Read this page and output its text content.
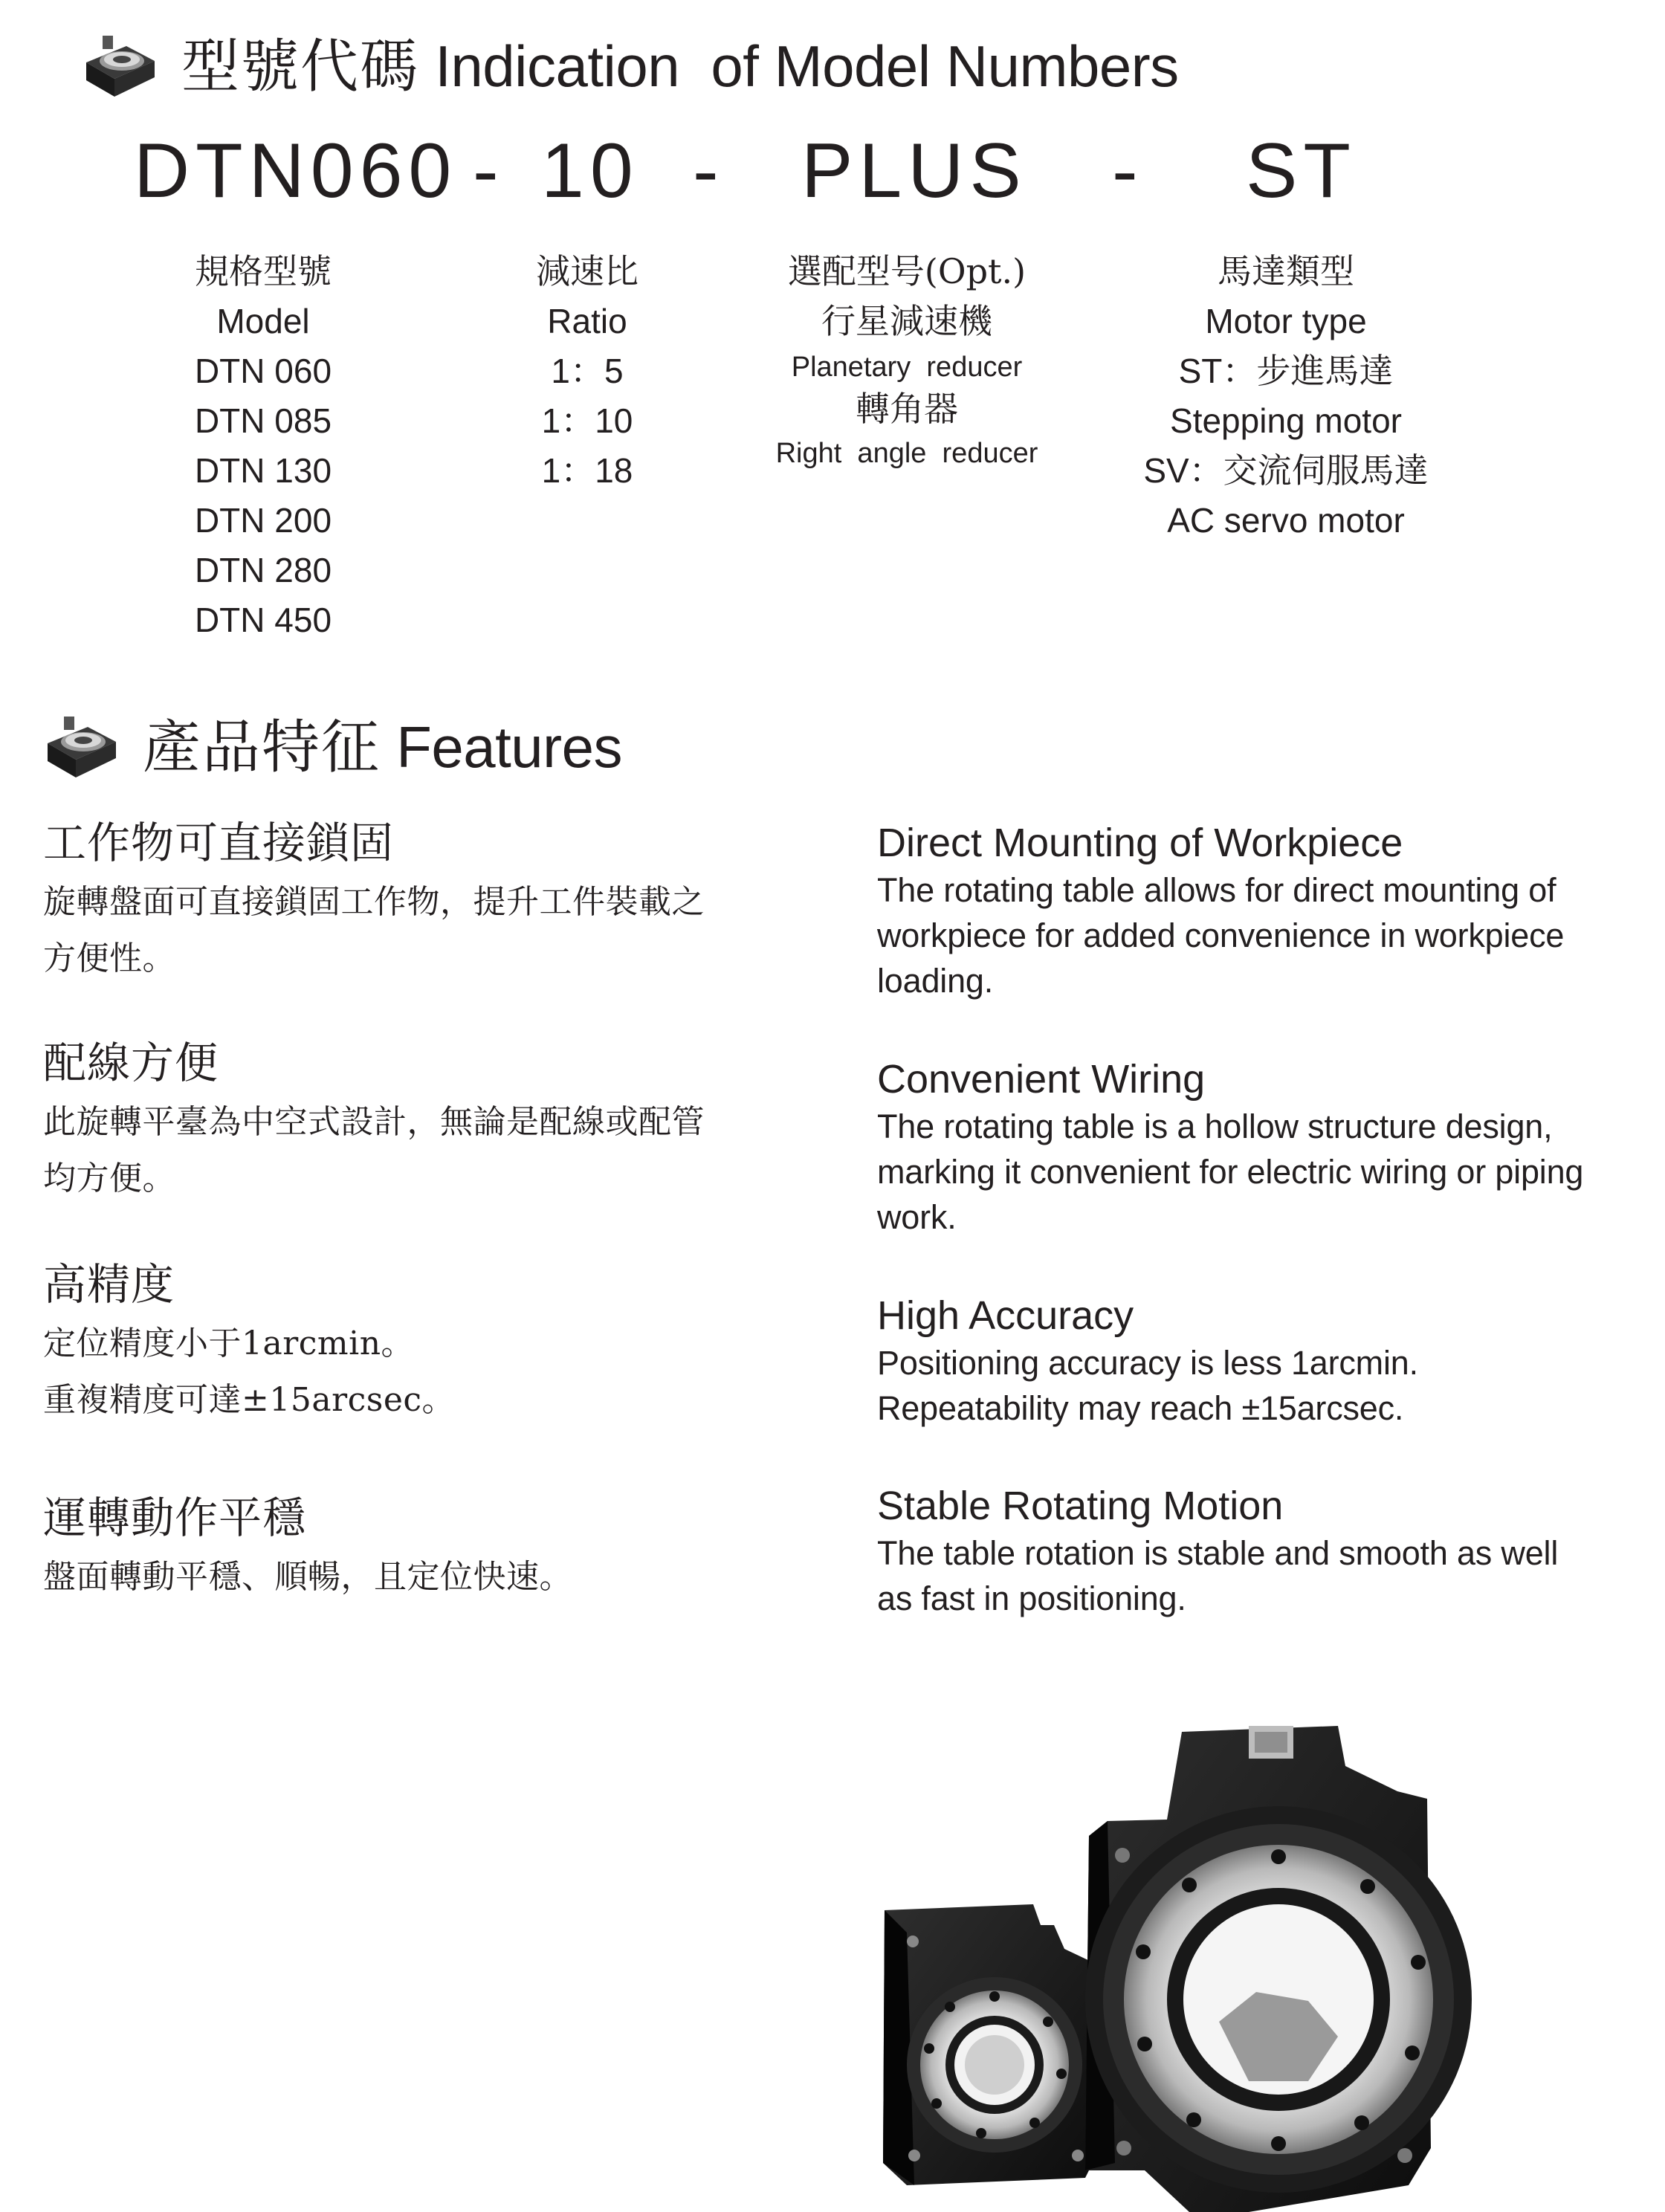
型號代碼 Indication  of Model Numbers
DTN060 - 10 - PLUS - ST
規格型號
Model
DTN 060
DTN 085
DTN 130
DTN 200
DTN 280
DTN 450
減速比
Ratio
1：5
1：10
1：18
選配型号(Opt.)
行星減速機
Planetary  reducer
轉角器
Right  angle  reducer
馬達類型
Motor type
ST：步進馬達
Stepping motor
SV：交流伺服馬達
AC servo motor
產品特征 Features
工作物可直接鎖固
旋轉盤面可直接鎖固工作物，提升工件裝載之
方便性。
配線方便
此旋轉平臺為中空式設計，無論是配線或配管
均方便。
高精度
定位精度小于1arcmin。
重複精度可達±15arcsec。
運轉動作平穩
盤面轉動平穩、順暢，且定位快速。
Direct Mounting of Workpiece
The rotating table allows for direct mounting of
workpiece for added convenience in workpiece
loading.
Convenient Wiring
The rotating table is a hollow structure design,
marking it convenient for electric wiring or piping
work.
High Accuracy
Positioning accuracy is less 1arcmin.
Repeatability may reach ±15arcsec.
Stable Rotating Motion
The table rotation is stable and smooth as well
as fast in positioning.
